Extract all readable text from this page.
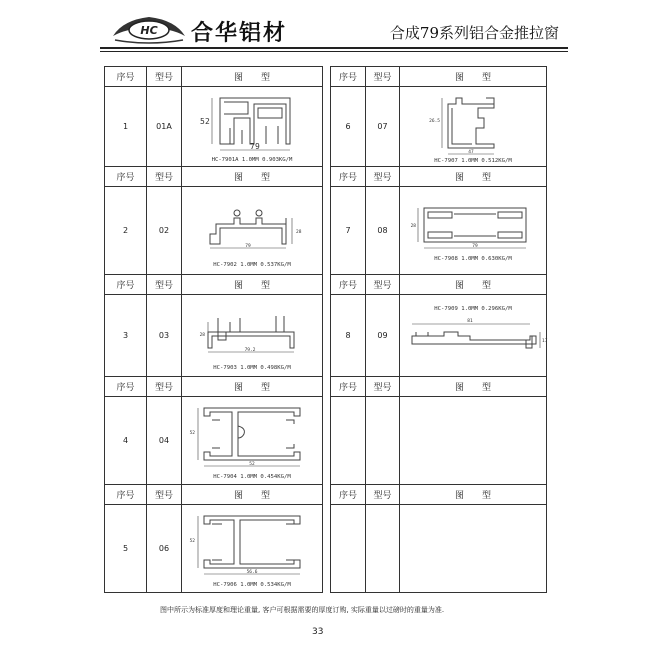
HC 合华铝材	合成79系列铝合金推拉窗
序号	型号	图　　型
1	01A	79
52
HC-7901A 1.0MM 0.903KG/M

序号	型号	图　　型
2	02	79
28
HC-7902 1.0MM 0.537KG/M

序号	型号	图　　型
3	03	79.2
28
HC-7903 1.0MM 0.498KG/M

序号	型号	图　　型
4	04	52
52
HC-7904 1.0MM 0.454KG/M

序号	型号	图　　型
5	06	56.6
52
HC-7906 1.0MM 0.534KG/M
序号	型号	图　　型
6	07	47
26.5
HC-7907 1.0MM 0.512KG/M

序号	型号	图　　型
7	08	79
28
HC-7908 1.0MM 0.630KG/M

序号	型号	图　　型
8	09	HC-7909 1.0MM 0.296KG/M
81
17

序号	型号	图　　型

序号	型号	图　　型

图中所示为标准厚度和理论重量, 客户可根据需要的厚度订购, 实际重量以过磅时的重量为准.
33
